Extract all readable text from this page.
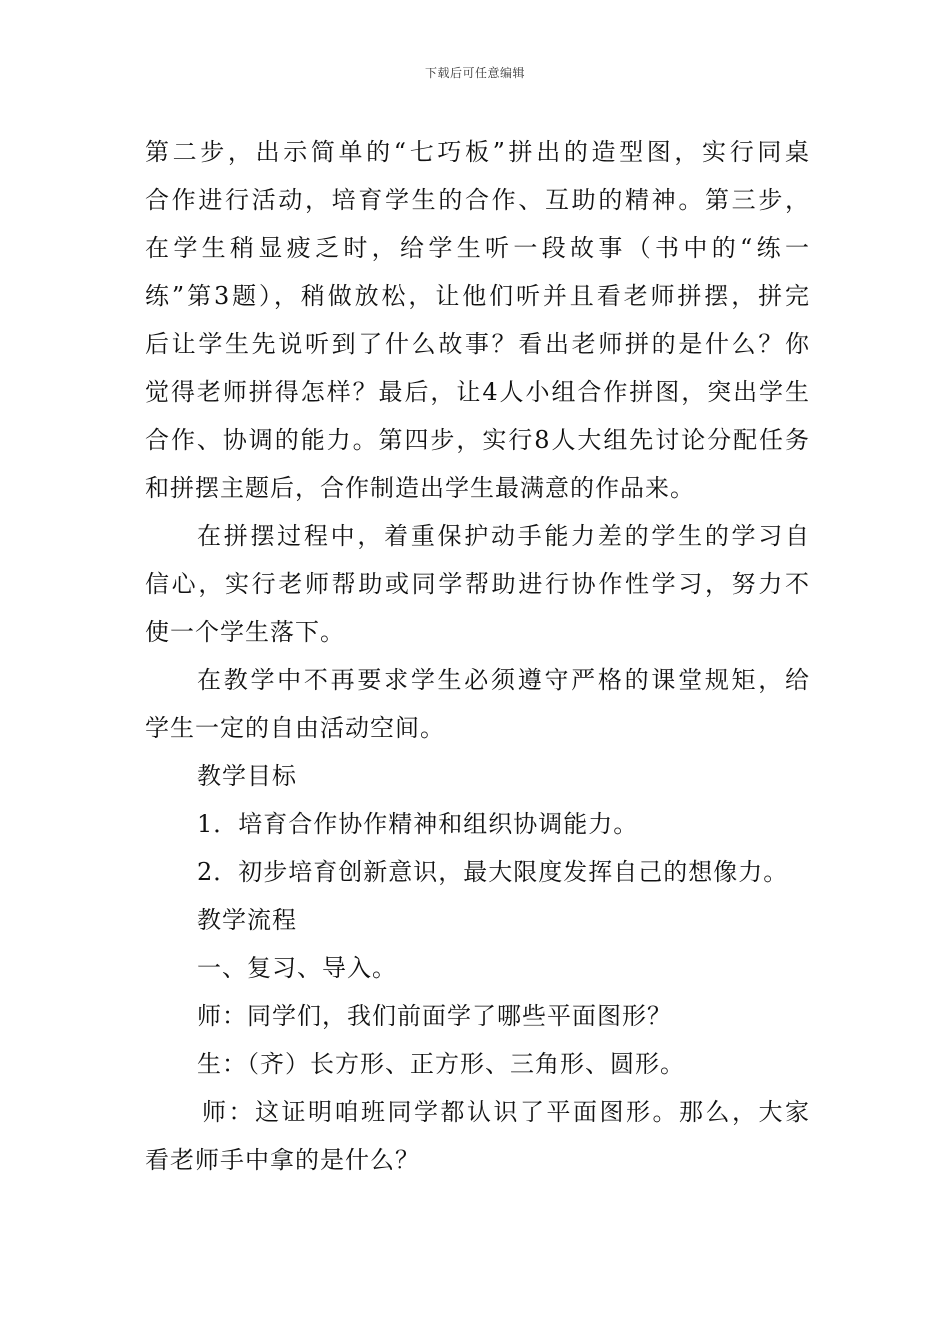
下载后可任意编辑
第二步，出示简单的“七巧板”拼出的造型图，实行同桌
合作进行活动，培育学生的合作、互助的精神。第三步，
在学生稍显疲乏时，给学生听一段故事（书中的“练一
练”第3题），稍做放松，让他们听并且看老师拼摆，拼完
后让学生先说听到了什么故事？看出老师拼的是什么？你
觉得老师拼得怎样？最后，让4人小组合作拼图，突出学生
合作、协调的能力。第四步，实行8人大组先讨论分配任务
和拼摆主题后，合作制造出学生最满意的作品来。
在拼摆过程中，着重保护动手能力差的学生的学习自
信心，实行老师帮助或同学帮助进行协作性学习，努力不
使一个学生落下。
在教学中不再要求学生必须遵守严格的课堂规矩，给
学生一定的自由活动空间。
教学目标
1．培育合作协作精神和组织协调能力。
2．初步培育创新意识，最大限度发挥自己的想像力。
教学流程
一、复习、导入。
师：同学们，我们前面学了哪些平面图形？
生：（齐）长方形、正方形、三角形、圆形。
师：这证明咱班同学都认识了平面图形。那么，大家
看老师手中拿的是什么？
